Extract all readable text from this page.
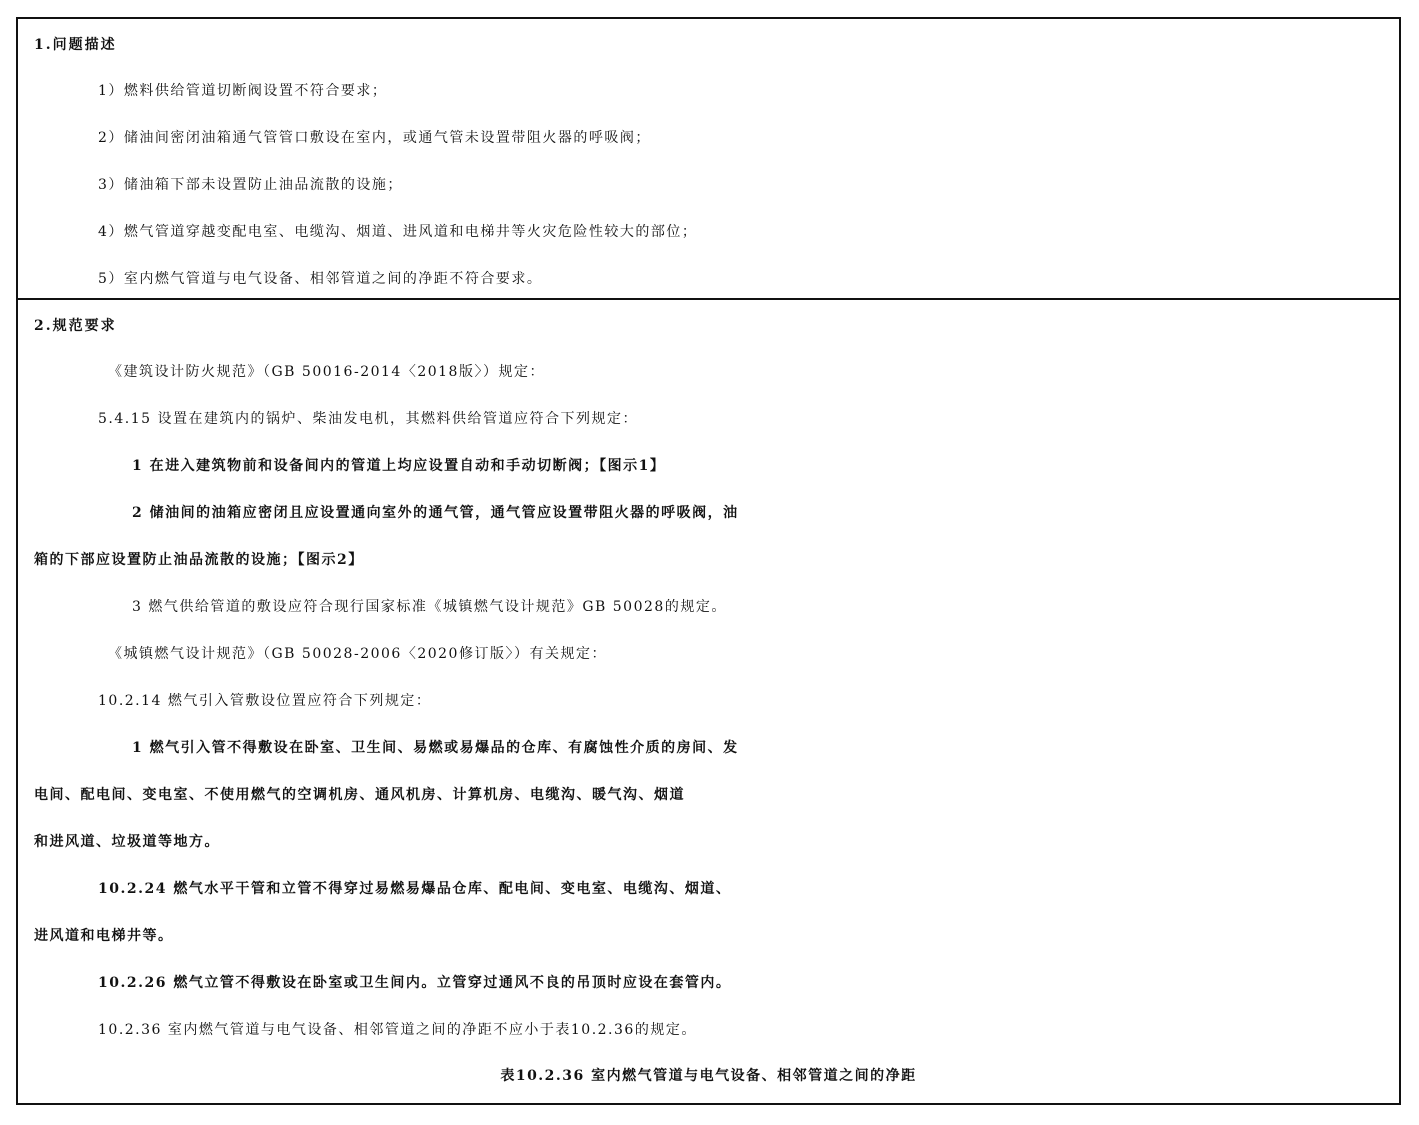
1.问题描述
1）燃料供给管道切断阀设置不符合要求；
2）储油间密闭油箱通气管管口敷设在室内，或通气管未设置带阻火器的呼吸阀；
3）储油箱下部未设置防止油品流散的设施；
4）燃气管道穿越变配电室、电缆沟、烟道、进风道和电梯井等火灾危险性较大的部位；
5）室内燃气管道与电气设备、相邻管道之间的净距不符合要求。
2.规范要求
《建筑设计防火规范》（GB 50016-2014〈2018版〉）规定：
5.4.15 设置在建筑内的锅炉、柴油发电机，其燃料供给管道应符合下列规定：
1 在进入建筑物前和设备间内的管道上均应设置自动和手动切断阀；【图示1】
2 储油间的油箱应密闭且应设置通向室外的通气管，通气管应设置带阻火器的呼吸阀，油
箱的下部应设置防止油品流散的设施；【图示2】
3 燃气供给管道的敷设应符合现行国家标准《城镇燃气设计规范》GB 50028的规定。
《城镇燃气设计规范》（GB 50028-2006〈2020修订版〉）有关规定：
10.2.14 燃气引入管敷设位置应符合下列规定：
1 燃气引入管不得敷设在卧室、卫生间、易燃或易爆品的仓库、有腐蚀性介质的房间、发
电间、配电间、变电室、不使用燃气的空调机房、通风机房、计算机房、电缆沟、暖气沟、烟道
和进风道、垃圾道等地方。
10.2.24 燃气水平干管和立管不得穿过易燃易爆品仓库、配电间、变电室、电缆沟、烟道、
进风道和电梯井等。
10.2.26 燃气立管不得敷设在卧室或卫生间内。立管穿过通风不良的吊顶时应设在套管内。
10.2.36 室内燃气管道与电气设备、相邻管道之间的净距不应小于表10.2.36的规定。
表10.2.36 室内燃气管道与电气设备、相邻管道之间的净距
